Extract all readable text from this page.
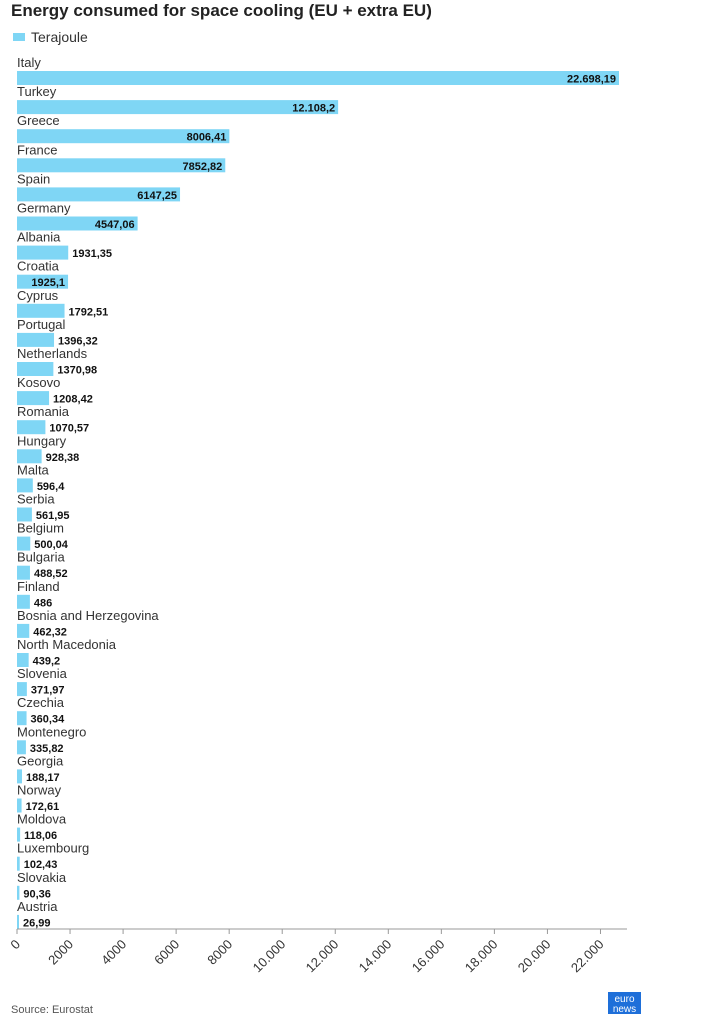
Energy consumed for space cooling (EU + extra EU)
Terajoule
Italy
22.698,19
Turkey
12.108,2
Greece
8006,41
France
7852,82
Spain
6147,25
Germany
4547,06
Albania
1931,35
Croatia
1925,1
Cyprus
1792,51
Portugal
1396,32
Netherlands
1370,98
Kosovo
1208,42
Romania
1070,57
Hungary
928,38
Malta
596,4
Serbia
561,95
Belgium
500,04
Bulgaria
488,52
Finland
486
Bosnia and Herzegovina
462,32
North Macedonia
439,2
Slovenia
371,97
Czechia
360,34
Montenegro
335,82
Georgia
188,17
Norway
172,61
Moldova
118,06
Luxembourg
102,43
Slovakia
90,36
Austria
26,99
0 2000 4000 6000 8000 10.000 12.000 14.000 16.000 18.000 20.000 22.000
Source: Eurostat
euro
news
